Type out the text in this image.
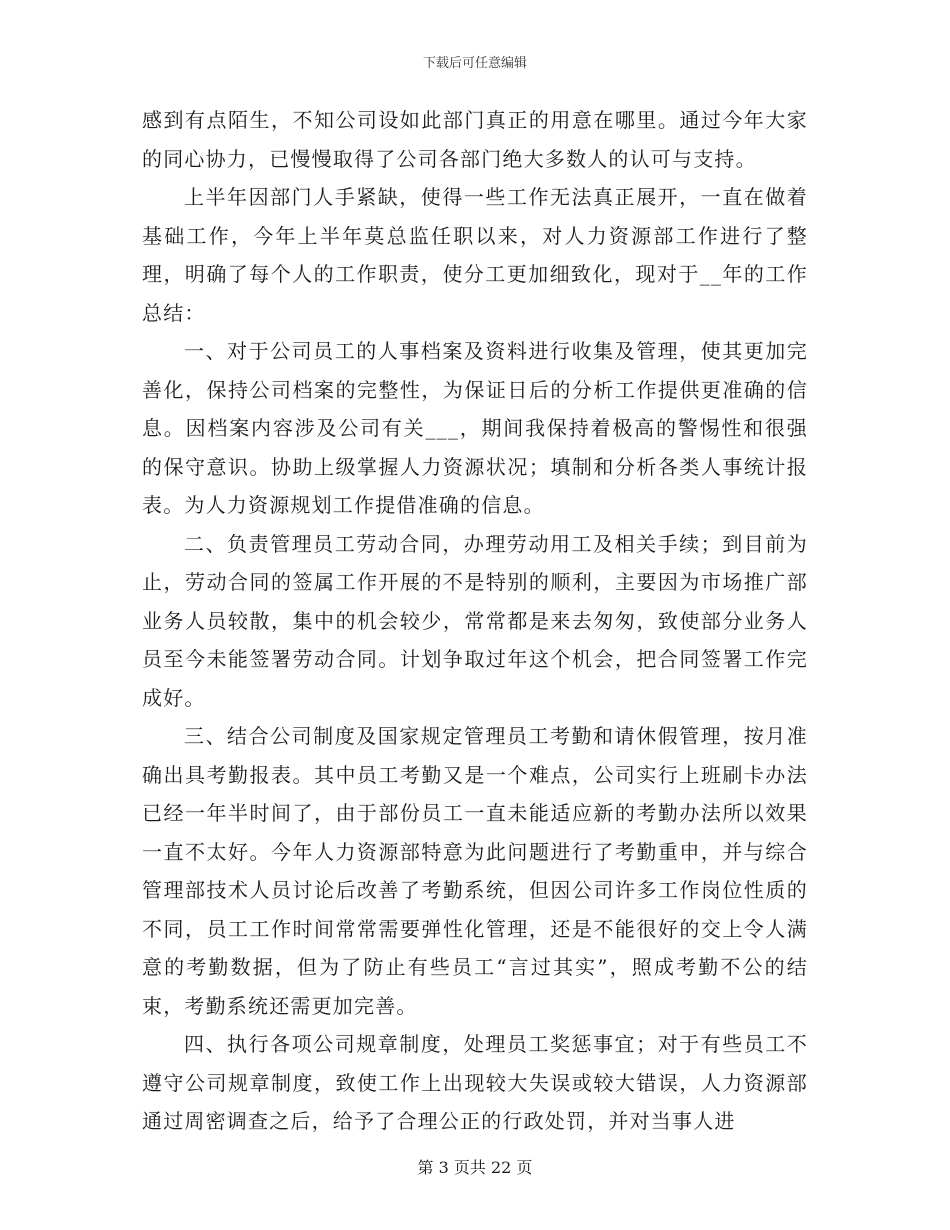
下载后可任意编辑

感到有点陌生，不知公司设如此部门真正的用意在哪里。通过今年大家的同心协力，已慢慢取得了公司各部门绝大多数人的认可与支持。

上半年因部门人手紧缺，使得一些工作无法真正展开，一直在做着基础工作，今年上半年莫总监任职以来，对人力资源部工作进行了整理，明确了每个人的工作职责，使分工更加细致化，现对于__年的工作总结：

一、对于公司员工的人事档案及资料进行收集及管理，使其更加完善化，保持公司档案的完整性，为保证日后的分析工作提供更准确的信息。因档案内容涉及公司有关___，期间我保持着极高的警惕性和很强的保守意识。协助上级掌握人力资源状况；填制和分析各类人事统计报表。为人力资源规划工作提借准确的信息。

二、负责管理员工劳动合同，办理劳动用工及相关手续；到目前为止，劳动合同的签属工作开展的不是特别的顺利，主要因为市场推广部业务人员较散，集中的机会较少，常常都是来去匆匆，致使部分业务人员至今未能签署劳动合同。计划争取过年这个机会，把合同签署工作完成好。

三、结合公司制度及国家规定管理员工考勤和请休假管理，按月准确出具考勤报表。其中员工考勤又是一个难点，公司实行上班刷卡办法已经一年半时间了，由于部份员工一直未能适应新的考勤办法所以效果一直不太好。今年人力资源部特意为此问题进行了考勤重申，并与综合管理部技术人员讨论后改善了考勤系统，但因公司许多工作岗位性质的不同，员工工作时间常常需要弹性化管理，还是不能很好的交上令人满意的考勤数据，但为了防止有些员工“言过其实”，照成考勤不公的结束，考勤系统还需更加完善。

四、执行各项公司规章制度，处理员工奖惩事宜；对于有些员工不遵守公司规章制度，致使工作上出现较大失误或较大错误，人力资源部通过周密调查之后，给予了合理公正的行政处罚，并对当事人进

第 3 页共 22 页
